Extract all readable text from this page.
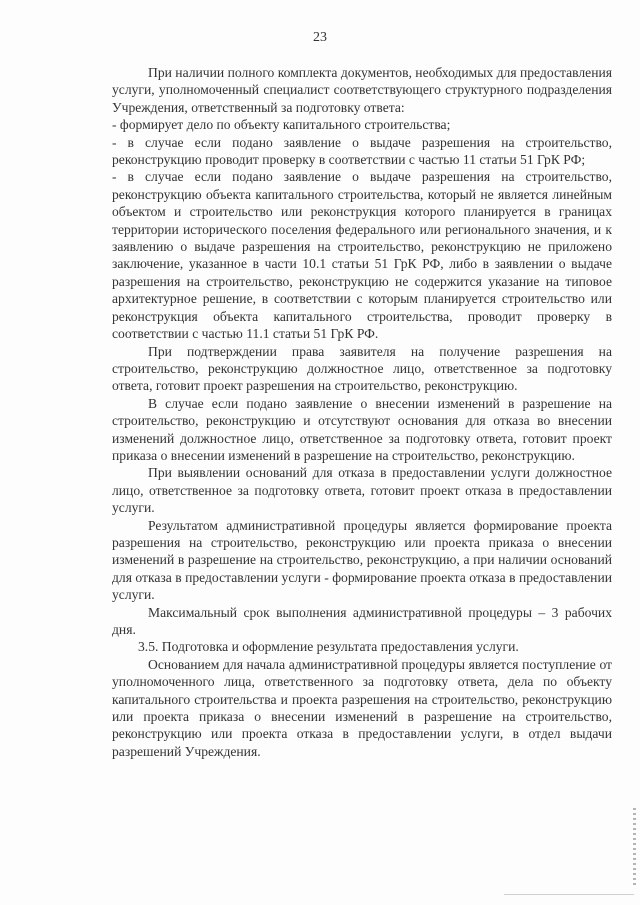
23

При наличии полного комплекта документов, необходимых для предоставления услуги, уполномоченный специалист соответствующего структурного подразделения Учреждения, ответственный за подготовку ответа:

- формирует дело по объекту капитального строительства;

- в случае если подано заявление о выдаче разрешения на строительство, реконструкцию проводит проверку в соответствии с частью 11 статьи 51 ГрК РФ;

- в случае если подано заявление о выдаче разрешения на строительство, реконструкцию объекта капитального строительства, который не является линейным объектом и строительство или реконструкция которого планируется в границах территории исторического поселения федерального или регионального значения, и к заявлению о выдаче разрешения на строительство, реконструкцию не приложено заключение, указанное в части 10.1 статьи 51 ГрК РФ, либо в заявлении о выдаче разрешения на строительство, реконструкцию не содержится указание на типовое архитектурное решение, в соответствии с которым планируется строительство или реконструкция объекта капитального строительства, проводит проверку в соответствии с частью 11.1 статьи 51 ГрК РФ.

При подтверждении права заявителя на получение разрешения на строительство, реконструкцию должностное лицо, ответственное за подготовку ответа, готовит проект разрешения на строительство, реконструкцию.

В случае если подано заявление о внесении изменений в разрешение на строительство, реконструкцию и отсутствуют основания для отказа во внесении изменений должностное лицо, ответственное за подготовку ответа, готовит проект приказа о внесении изменений в разрешение на строительство, реконструкцию.

При выявлении оснований для отказа в предоставлении услуги должностное лицо, ответственное за подготовку ответа, готовит проект отказа в предоставлении услуги.

Результатом административной процедуры является формирование проекта разрешения на строительство, реконструкцию или проекта приказа о внесении изменений в разрешение на строительство, реконструкцию, а при наличии оснований для отказа в предоставлении услуги - формирование проекта отказа в предоставлении услуги.

Максимальный срок выполнения административной процедуры – 3 рабочих дня.

3.5. Подготовка и оформление результата предоставления услуги.

Основанием для начала административной процедуры является поступление от уполномоченного лица, ответственного за подготовку ответа, дела по объекту капитального строительства и проекта разрешения на строительство, реконструкцию или проекта приказа о внесении изменений в разрешение на строительство, реконструкцию или проекта отказа в предоставлении услуги, в отдел выдачи разрешений Учреждения.
